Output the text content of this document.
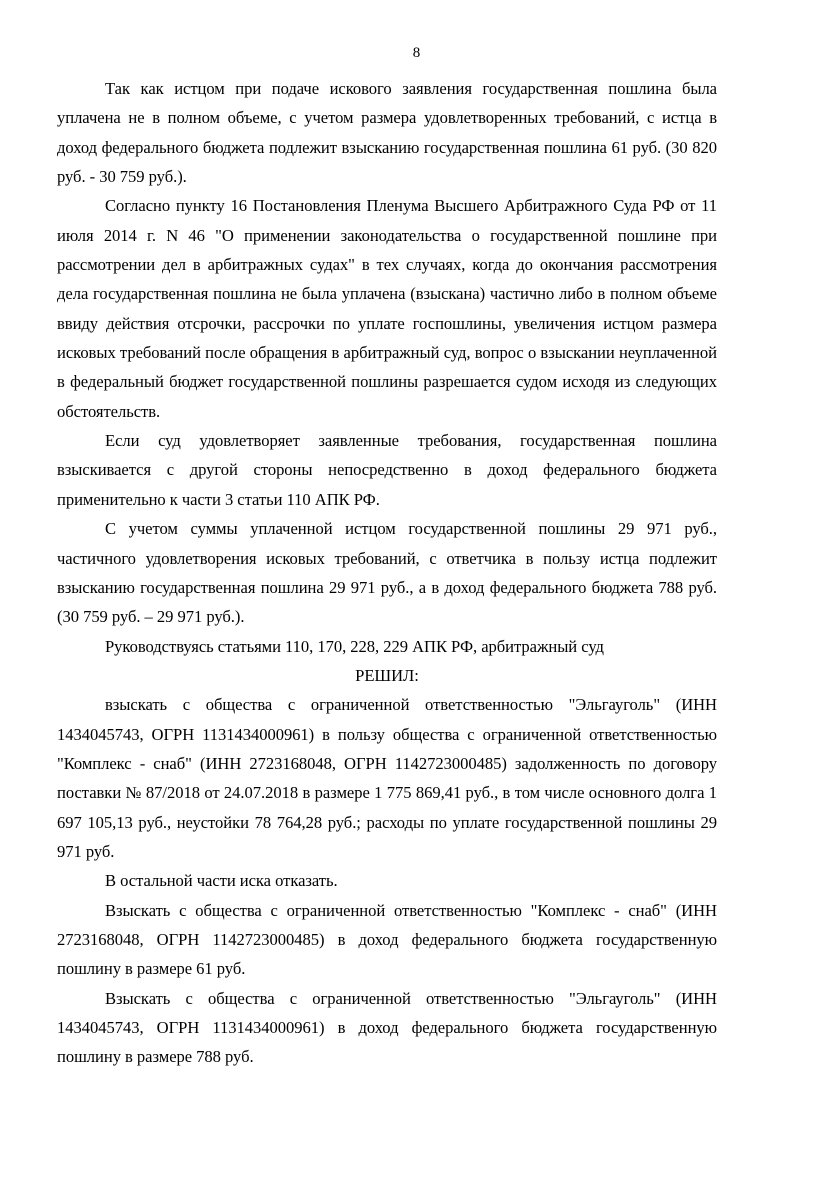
8

Так как истцом при подаче искового заявления государственная пошлина была уплачена не в полном объеме, с учетом размера удовлетворенных требований, с истца в доход федерального бюджета подлежит взысканию государственная пошлина 61 руб. (30 820 руб. - 30 759 руб.).

Согласно пункту 16 Постановления Пленума Высшего Арбитражного Суда РФ от 11 июля 2014 г. N 46 "О применении законодательства о государственной пошлине при рассмотрении дел в арбитражных судах" в тех случаях, когда до окончания рассмотрения дела государственная пошлина не была уплачена (взыскана) частично либо в полном объеме ввиду действия отсрочки, рассрочки по уплате госпошлины, увеличения истцом размера исковых требований после обращения в арбитражный суд, вопрос о взыскании неуплаченной в федеральный бюджет государственной пошлины разрешается судом исходя из следующих обстоятельств.

Если суд удовлетворяет заявленные требования, государственная пошлина взыскивается с другой стороны непосредственно в доход федерального бюджета применительно к части 3 статьи 110 АПК РФ.

С учетом суммы уплаченной истцом государственной пошлины 29 971 руб., частичного удовлетворения исковых требований, с ответчика в пользу истца подлежит взысканию государственная пошлина 29 971 руб., а в доход федерального бюджета 788 руб. (30 759 руб. – 29 971 руб.).

Руководствуясь статьями 110, 170, 228, 229 АПК РФ, арбитражный суд

РЕШИЛ:

взыскать с общества с ограниченной ответственностью "Эльгауголь" (ИНН 1434045743, ОГРН 1131434000961) в пользу общества с ограниченной ответственностью "Комплекс - снаб" (ИНН 2723168048, ОГРН 1142723000485) задолженность по договору поставки № 87/2018 от 24.07.2018 в размере 1 775 869,41 руб., в том числе основного долга 1 697 105,13 руб., неустойки 78 764,28 руб.; расходы по уплате государственной пошлины 29 971 руб.

В остальной части иска отказать.

Взыскать с общества с ограниченной ответственностью "Комплекс - снаб" (ИНН 2723168048, ОГРН 1142723000485) в доход федерального бюджета государственную пошлину в размере 61 руб.

Взыскать с общества с ограниченной ответственностью "Эльгауголь" (ИНН 1434045743, ОГРН 1131434000961) в доход федерального бюджета государственную пошлину в размере 788 руб.
